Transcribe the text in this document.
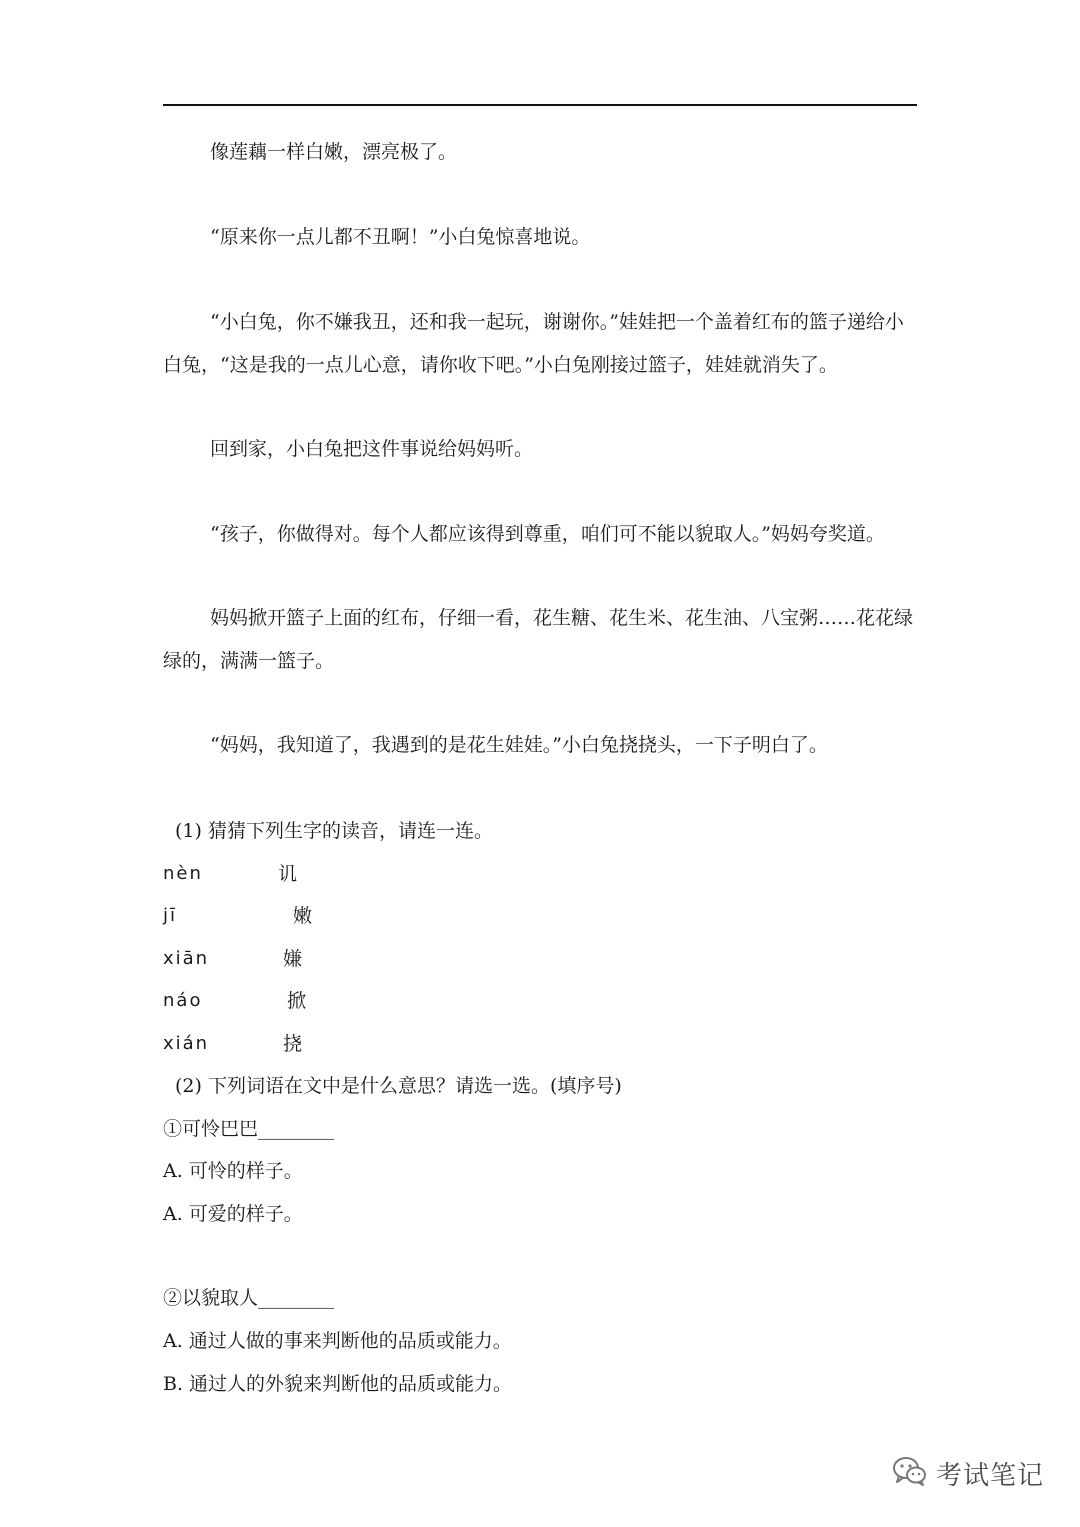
像莲藕一样白嫩，漂亮极了。
“原来你一点儿都不丑啊！”小白兔惊喜地说。
“小白兔，你不嫌我丑，还和我一起玩，谢谢你。”娃娃把一个盖着红布的篮子递给小
白兔，“这是我的一点儿心意，请你收下吧。”小白兔刚接过篮子，娃娃就消失了。
回到家，小白兔把这件事说给妈妈听。
“孩子，你做得对。每个人都应该得到尊重，咱们可不能以貌取人。”妈妈夸奖道。
妈妈掀开篮子上面的红布，仔细一看，花生糖、花生米、花生油、八宝粥……花花绿
绿的，满满一篮子。
“妈妈，我知道了，我遇到的是花生娃娃。”小白兔挠挠头，一下子明白了。
(1) 猜猜下列生字的读音，请连一连。
nèn	讥
jī	嫩
xiān	嫌
náo	掀
xián	挠
(2) 下列词语在文中是什么意思？请选一选。(填序号)
①可怜巴巴________
A. 可怜的样子。
A. 可爱的样子。
②以貌取人________
A. 通过人做的事来判断他的品质或能力。
B. 通过人的外貌来判断他的品质或能力。
考试笔记
